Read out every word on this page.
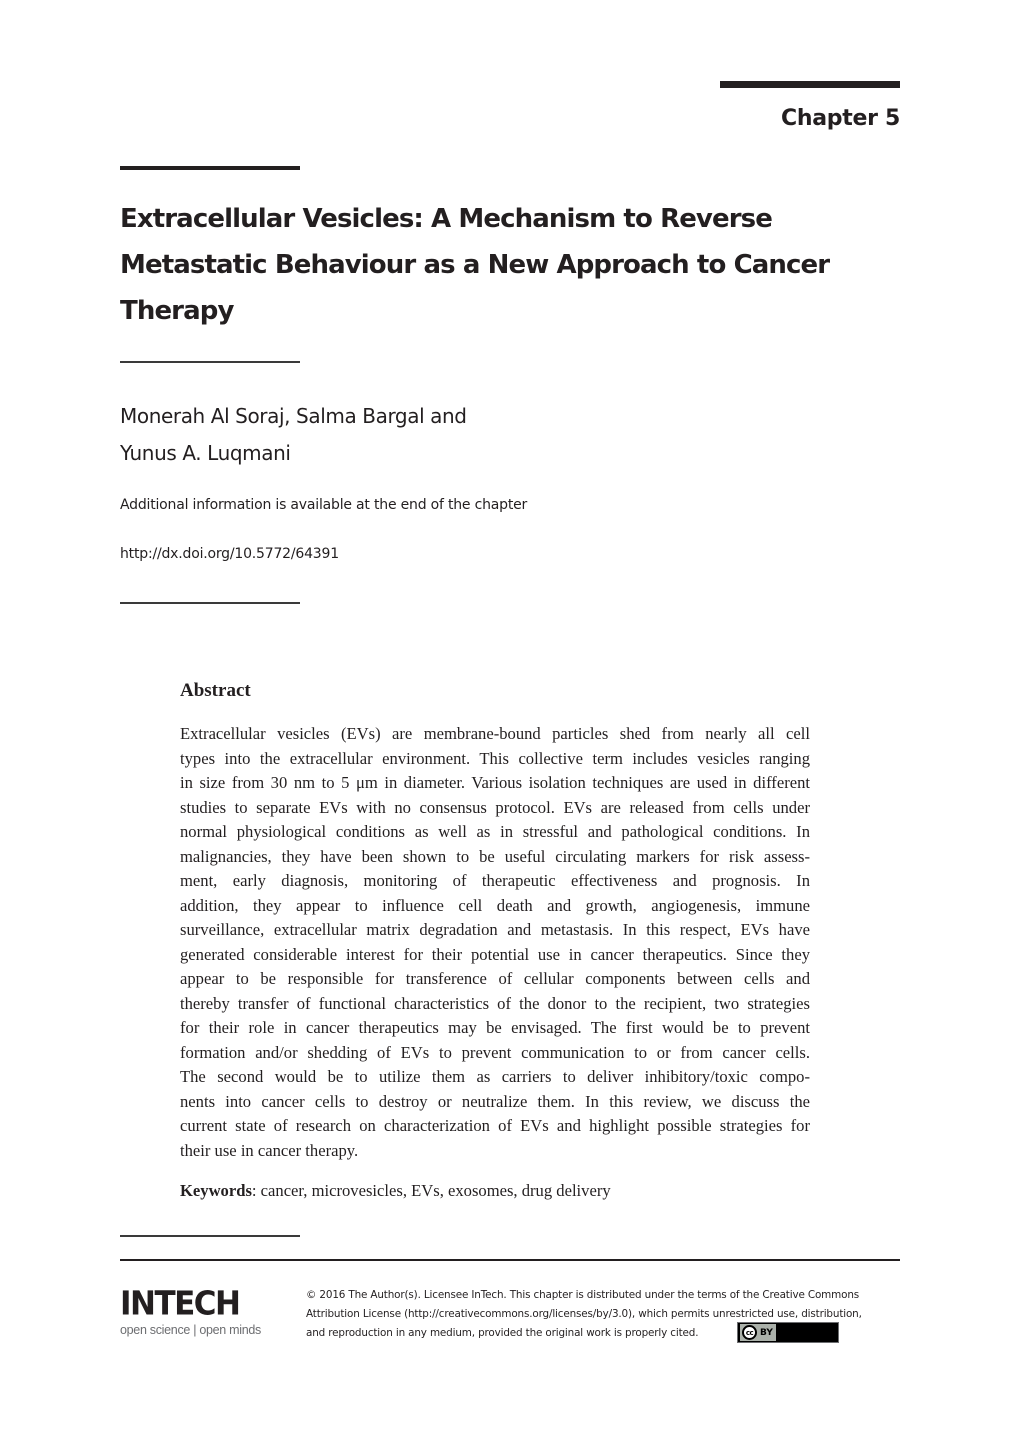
Chapter 5
Extracellular Vesicles: A Mechanism to Reverse
Metastatic Behaviour as a New Approach to Cancer
Therapy
Monerah Al Soraj, Salma Bargal and
Yunus A. Luqmani
Additional information is available at the end of the chapter
http://dx.doi.org/10.5772/64391
Abstract
Extracellular vesicles (EVs) are membrane-bound particles shed from nearly all cell
types into the extracellular environment. This collective term includes vesicles ranging
in size from 30 nm to 5 μm in diameter. Various isolation techniques are used in different
studies to separate EVs with no consensus protocol. EVs are released from cells under
normal physiological conditions as well as in stressful and pathological conditions. In
malignancies, they have been shown to be useful circulating markers for risk assess-
ment, early diagnosis, monitoring of therapeutic effectiveness and prognosis. In
addition, they appear to influence cell death and growth, angiogenesis, immune
surveillance, extracellular matrix degradation and metastasis. In this respect, EVs have
generated considerable interest for their potential use in cancer therapeutics. Since they
appear to be responsible for transference of cellular components between cells and
thereby transfer of functional characteristics of the donor to the recipient, two strategies
for their role in cancer therapeutics may be envisaged. The first would be to prevent
formation and/or shedding of EVs to prevent communication to or from cancer cells.
The second would be to utilize them as carriers to deliver inhibitory/toxic compo-
nents into cancer cells to destroy or neutralize them. In this review, we discuss the
current state of research on characterization of EVs and highlight possible strategies for
their use in cancer therapy.
Keywords: cancer, microvesicles, EVs, exosomes, drug delivery
INTECH
open science | open minds
© 2016 The Author(s). Licensee InTech. This chapter is distributed under the terms of the Creative Commons
Attribution License (http://creativecommons.org/licenses/by/3.0), which permits unrestricted use, distribution,
and reproduction in any medium, provided the original work is properly cited.	cc BY
